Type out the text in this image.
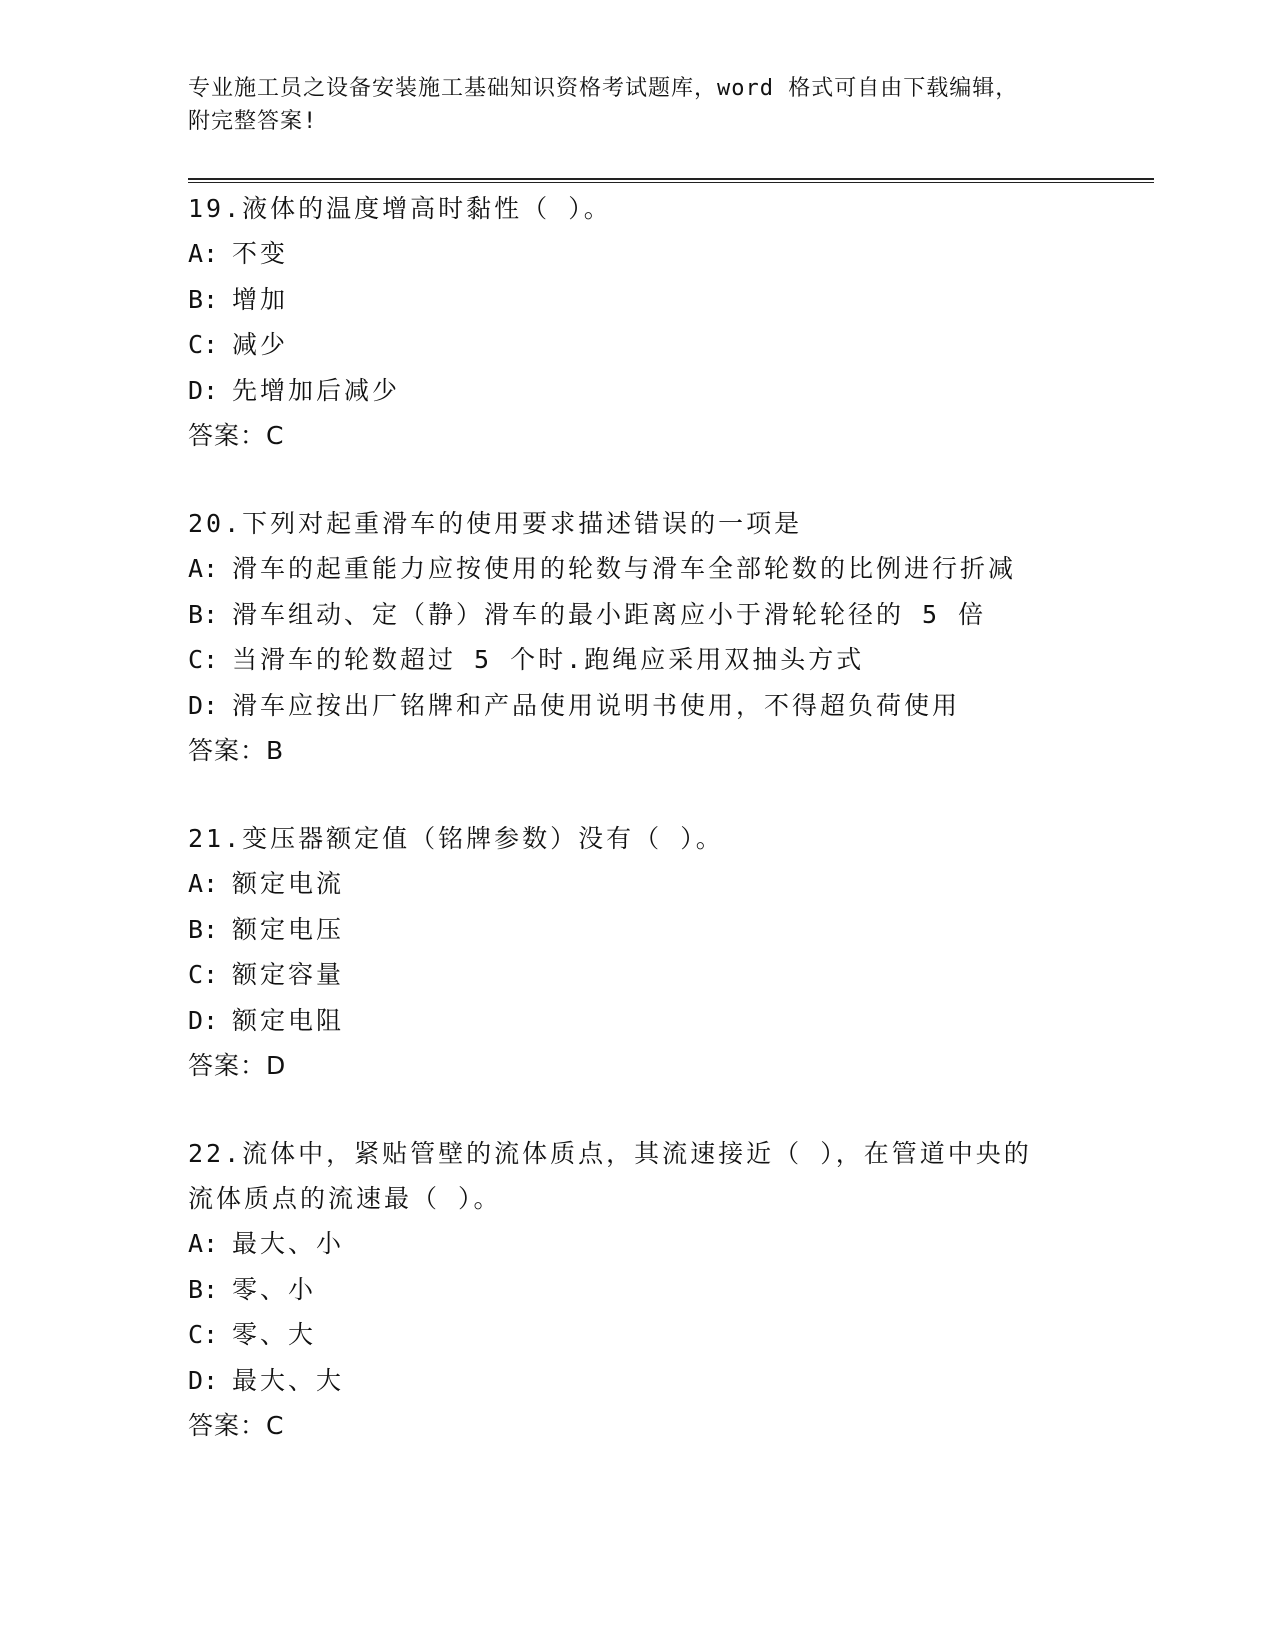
专业施工员之设备安装施工基础知识资格考试题库，word 格式可自由下载编辑，
附完整答案!

19.液体的温度增高时黏性（ ）。

A: 不变

B: 增加

C: 减少

D: 先增加后减少

答案：C

20.下列对起重滑车的使用要求描述错误的一项是

A: 滑车的起重能力应按使用的轮数与滑车全部轮数的比例进行折减

B: 滑车组动、定（静）滑车的最小距离应小于滑轮轮径的 5 倍

C: 当滑车的轮数超过 5 个时.跑绳应采用双抽头方式

D: 滑车应按出厂铭牌和产品使用说明书使用，不得超负荷使用

答案：B

21.变压器额定值（铭牌参数）没有（ ）。

A: 额定电流

B: 额定电压

C: 额定容量

D: 额定电阻

答案：D

22.流体中，紧贴管壁的流体质点，其流速接近（ ），在管道中央的

流体质点的流速最（ ）。

A: 最大、小

B: 零、小

C: 零、大

D: 最大、大

答案：C
